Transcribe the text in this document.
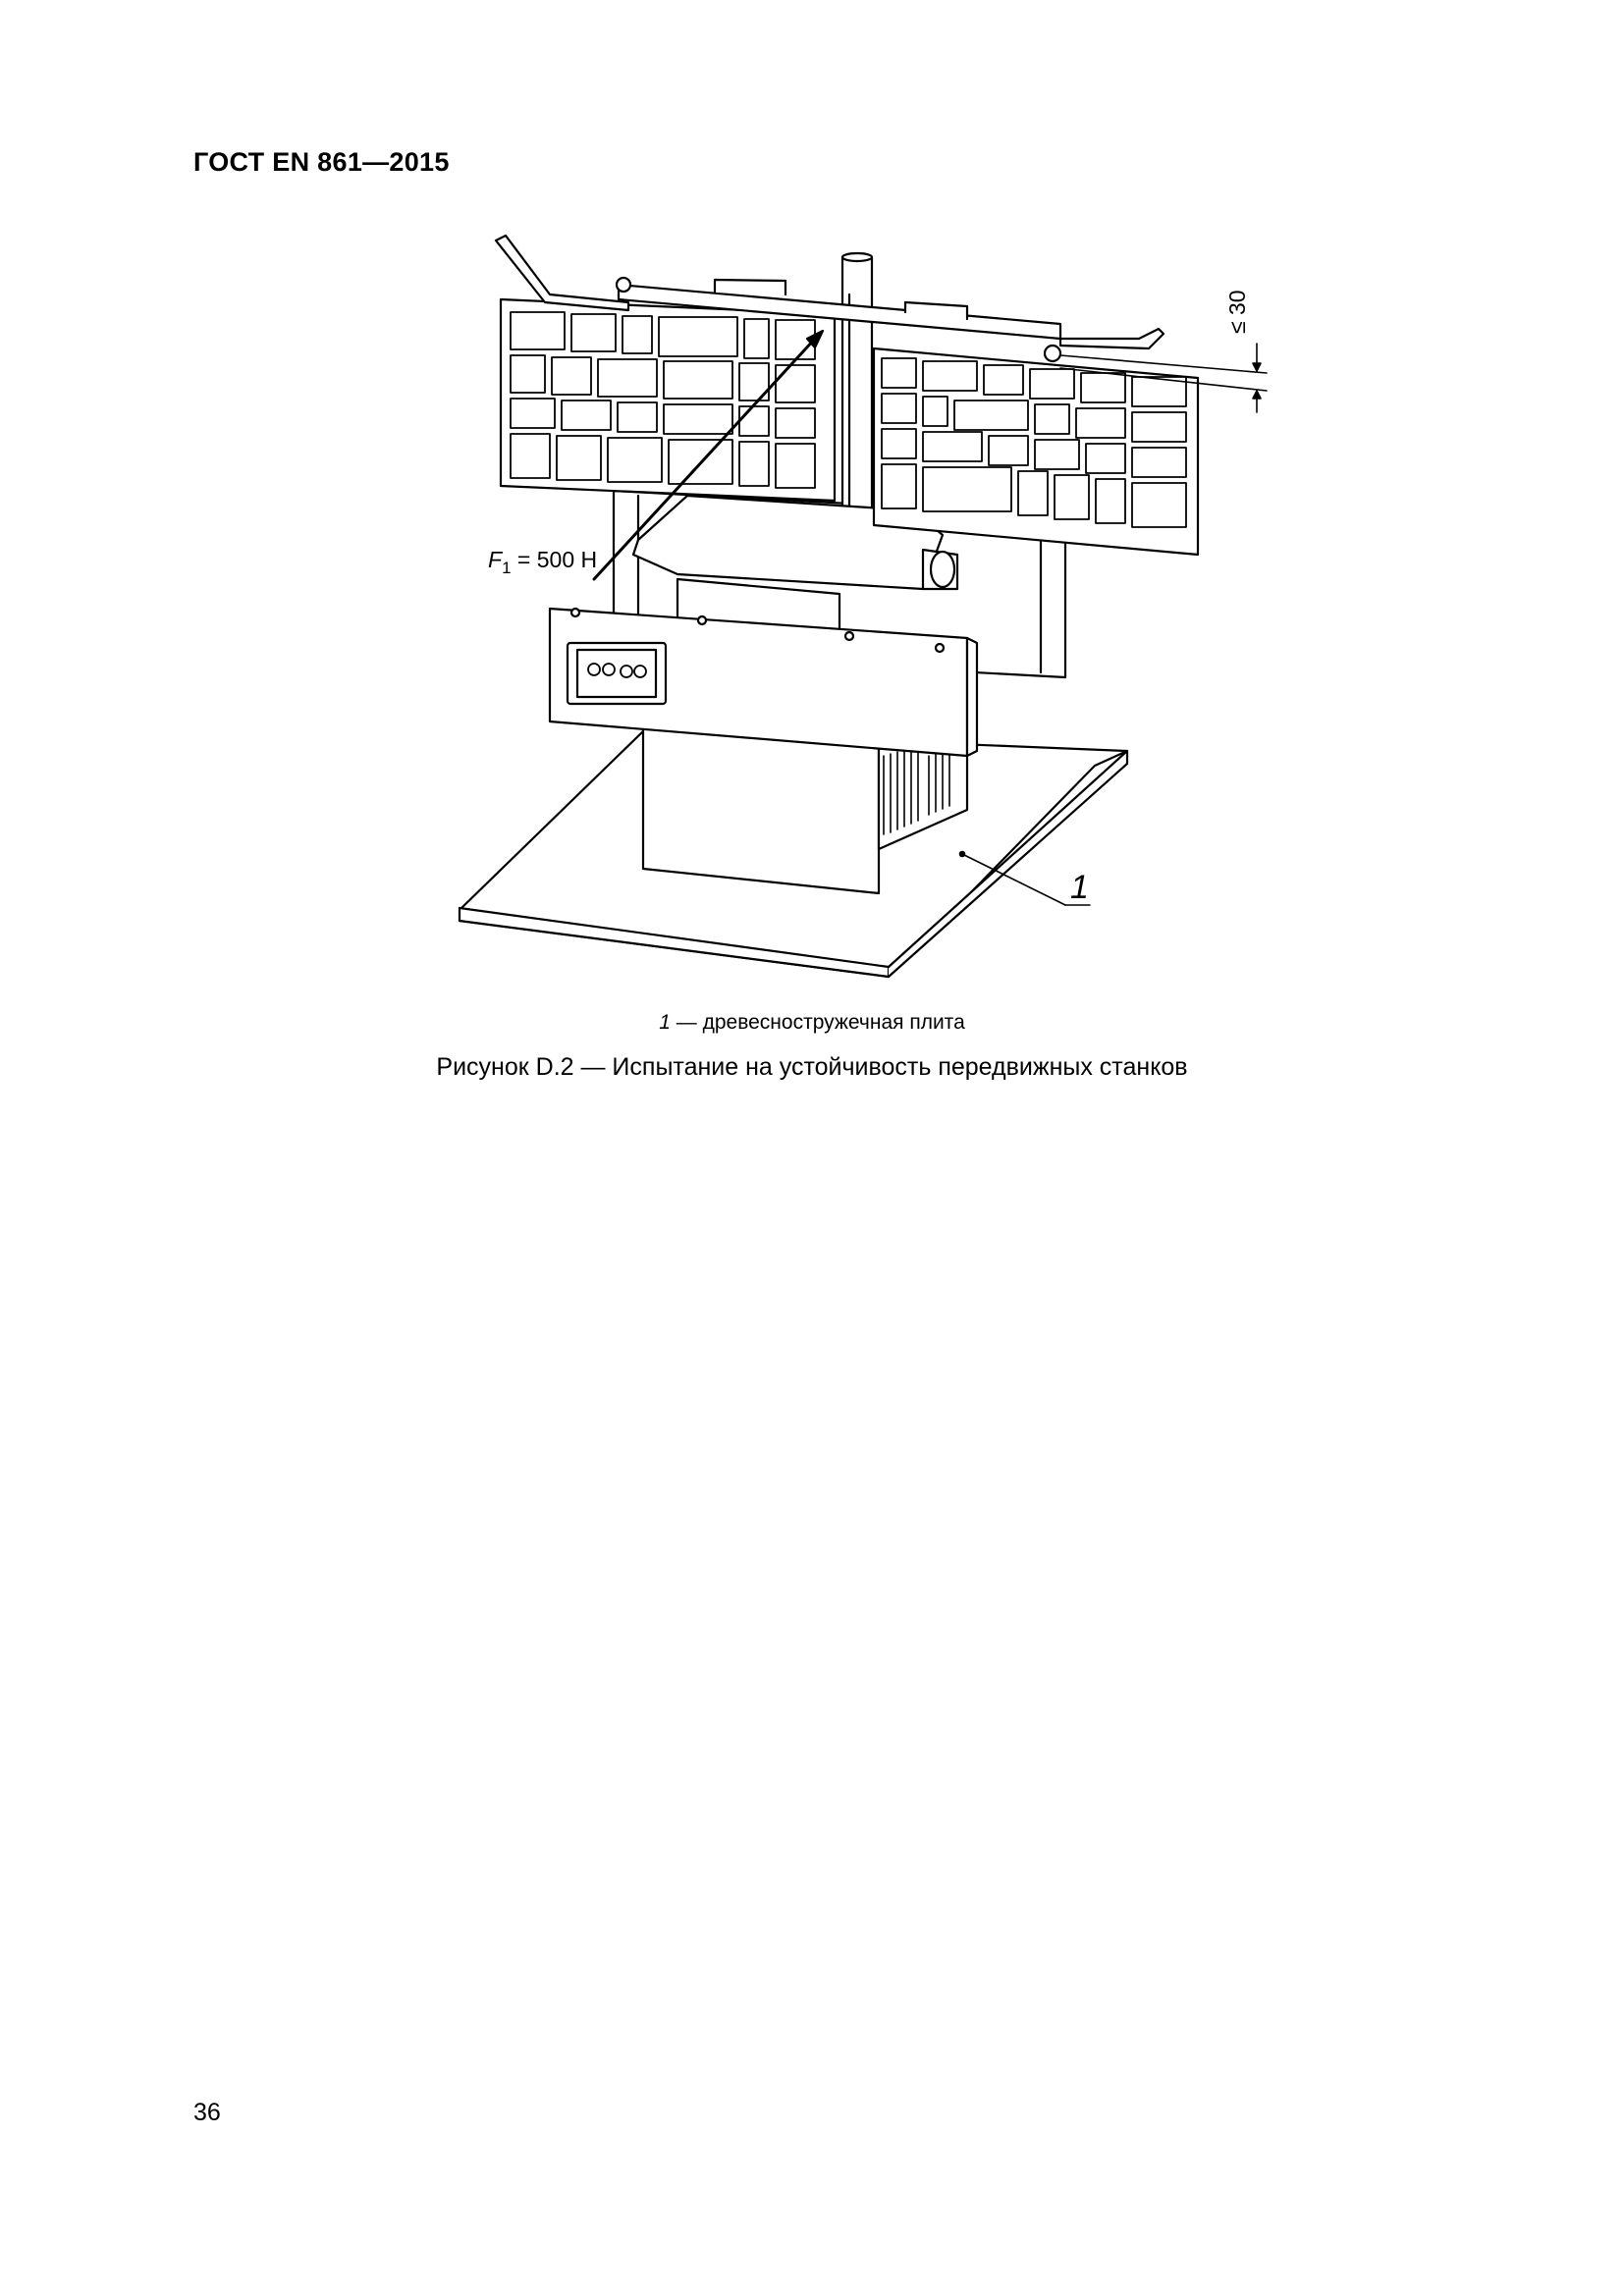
ГОСТ EN 861—2015
$F_1 = 500$ Н
≤ 30
1
1 — древесностружечная плита
Рисунок D.2 — Испытание на устойчивость передвижных станков
36
